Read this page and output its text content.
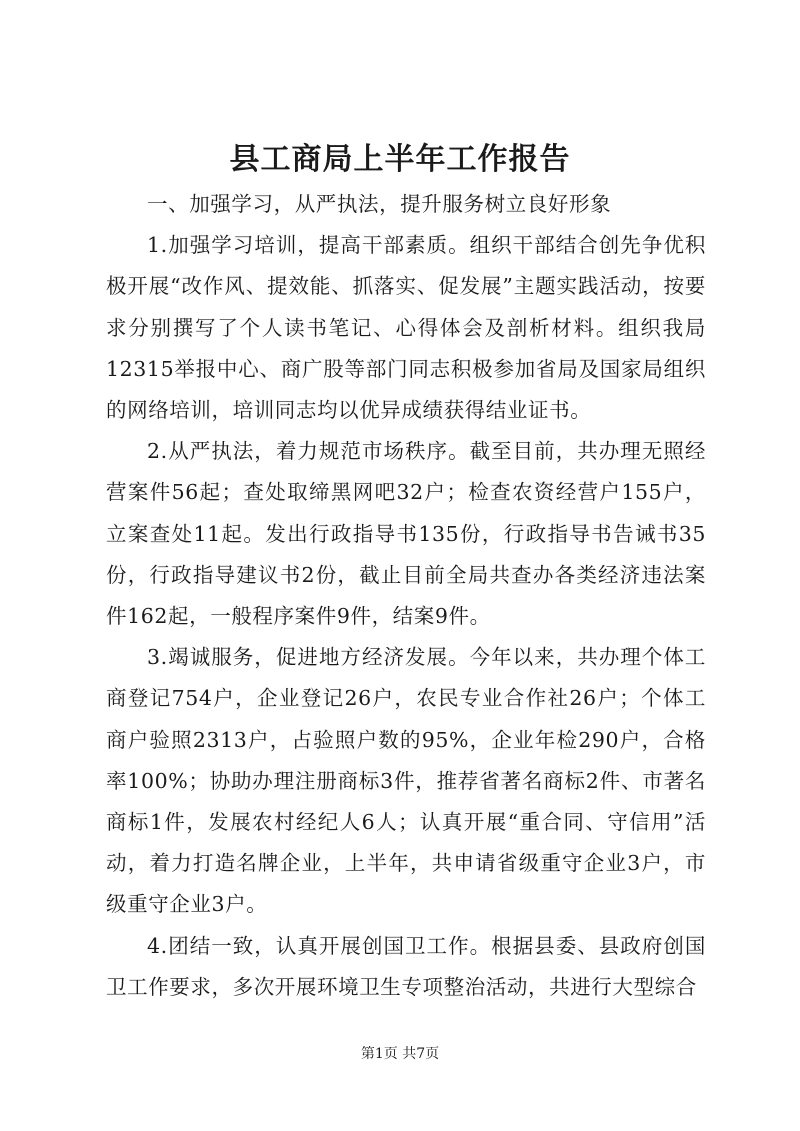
县工商局上半年工作报告

一、加强学习，从严执法，提升服务树立良好形象

1.加强学习培训，提高干部素质。组织干部结合创先争优积极开展“改作风、提效能、抓落实、促发展”主题实践活动，按要求分别撰写了个人读书笔记、心得体会及剖析材料。组织我局12315举报中心、商广股等部门同志积极参加省局及国家局组织的网络培训，培训同志均以优异成绩获得结业证书。

2.从严执法，着力规范市场秩序。截至目前，共办理无照经营案件56起；查处取缔黑网吧32户；检查农资经营户155户，立案查处11起。发出行政指导书135份，行政指导书告诫书35份，行政指导建议书2份，截止目前全局共查办各类经济违法案件162起，一般程序案件9件，结案9件。

3.竭诚服务，促进地方经济发展。今年以来，共办理个体工商登记754户，企业登记26户，农民专业合作社26户；个体工商户验照2313户，占验照户数的95%，企业年检290户，合格率100%；协助办理注册商标3件，推荐省著名商标2件、市著名商标1件，发展农村经纪人6人；认真开展“重合同、守信用”活动，着力打造名牌企业，上半年，共申请省级重守企业3户，市级重守企业3户。

4.团结一致，认真开展创国卫工作。根据县委、县政府创国卫工作要求，多次开展环境卫生专项整治活动，共进行大型综合

第1页 共7页
